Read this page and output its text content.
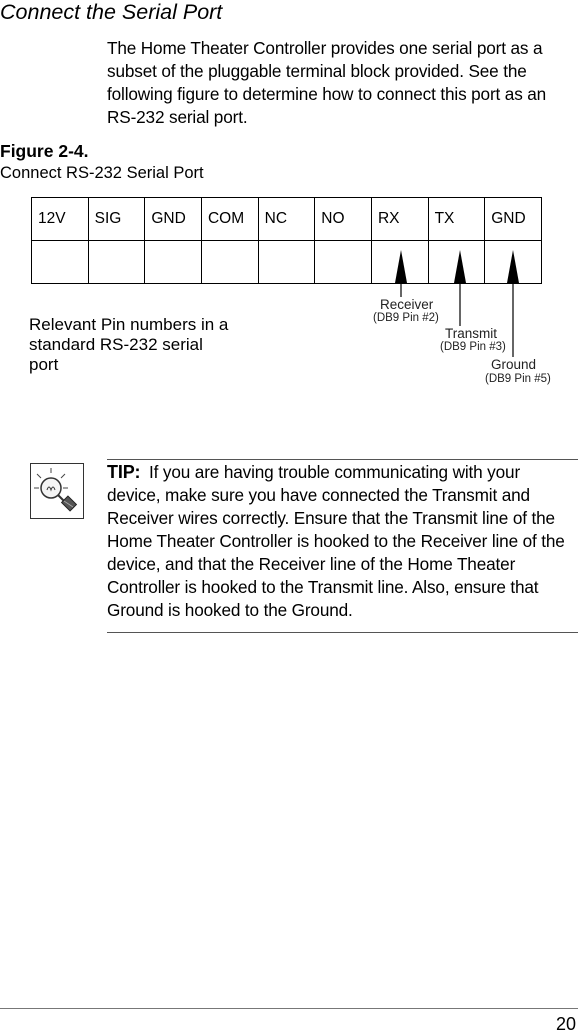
Connect the Serial Port

The Home Theater Controller provides one serial port as a subset of the pluggable terminal block provided. See the following figure to determine how to connect this port as an RS-232 serial port.

Figure 2-4.

Connect RS-232 Serial Port

12V	SIG	GND	COM	NC	NO	RX	TX	GND

Receiver
(DB9 Pin #2)
Transmit
(DB9 Pin #3)
Ground
(DB9 Pin #5)

Relevant Pin numbers in a standard RS-232 serial port

TIP: If you are having trouble communicating with your device, make sure you have connected the Transmit and Receiver wires correctly. Ensure that the Transmit line of the Home Theater Controller is hooked to the Receiver line of the device, and that the Receiver line of the Home Theater Controller is hooked to the Transmit line. Also, ensure that Ground is hooked to the Ground.

20
